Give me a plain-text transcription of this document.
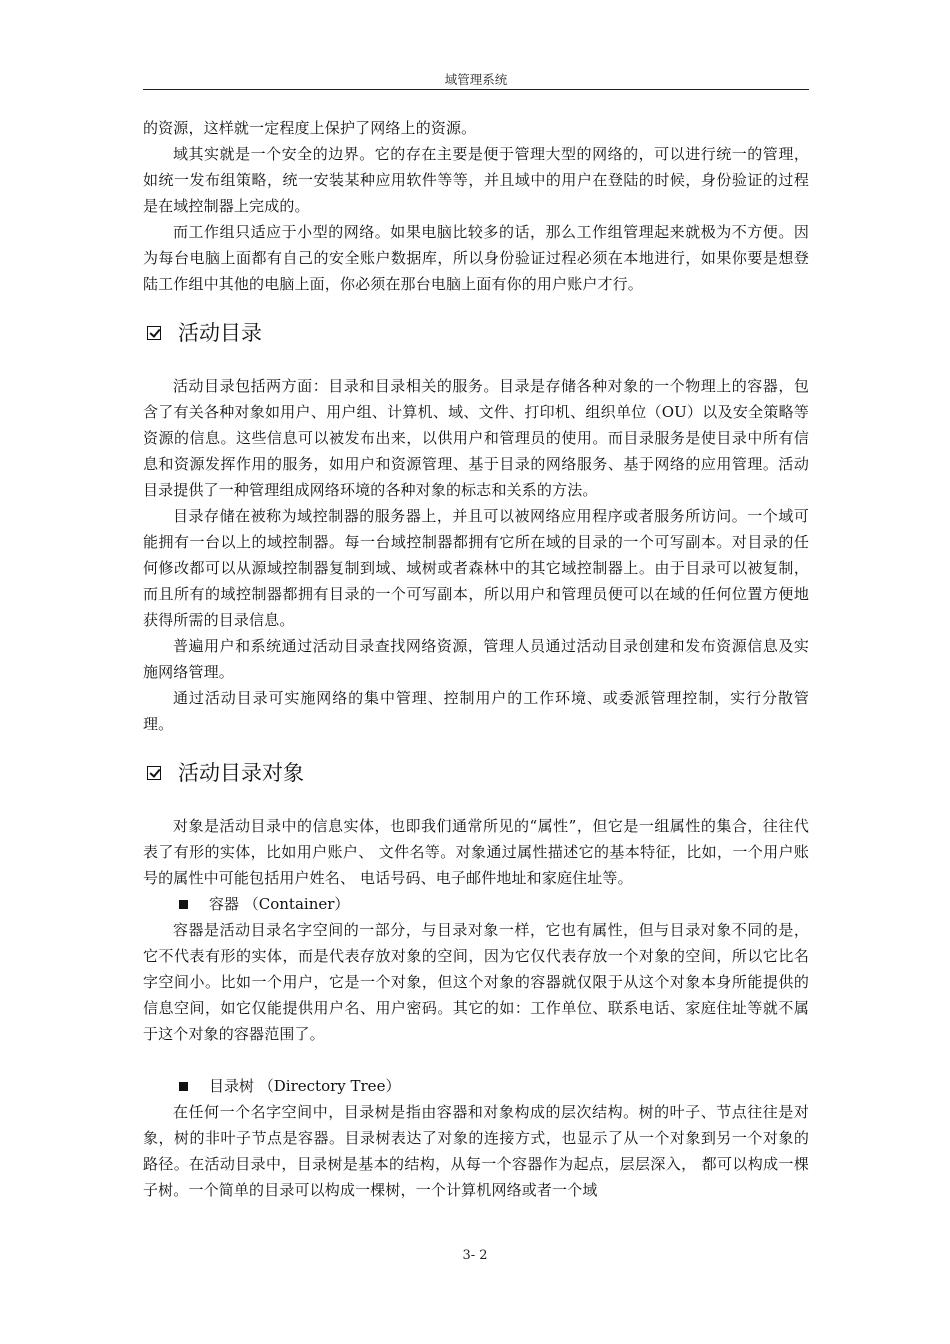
域管理系统

的资源，这样就一定程度上保护了网络上的资源。

域其实就是一个安全的边界。它的存在主要是便于管理大型的网络的，可以进行统一的管理，如统一发布组策略，统一安装某种应用软件等等，并且域中的用户在登陆的时候，身份验证的过程是在域控制器上完成的。

而工作组只适应于小型的网络。如果电脑比较多的话，那么工作组管理起来就极为不方便。因为每台电脑上面都有自己的安全账户数据库，所以身份验证过程必须在本地进行，如果你要是想登陆工作组中其他的电脑上面，你必须在那台电脑上面有你的用户账户才行。

活动目录

活动目录包括两方面：目录和目录相关的服务。目录是存储各种对象的一个物理上的容器，包含了有关各种对象如用户、用户组、计算机、域、文件、打印机、组织单位（OU）以及安全策略等资源的信息。这些信息可以被发布出来，以供用户和管理员的使用。而目录服务是使目录中所有信息和资源发挥作用的服务，如用户和资源管理、基于目录的网络服务、基于网络的应用管理。活动目录提供了一种管理组成网络环境的各种对象的标志和关系的方法。

目录存储在被称为域控制器的服务器上，并且可以被网络应用程序或者服务所访问。一个域可能拥有一台以上的域控制器。每一台域控制器都拥有它所在域的目录的一个可写副本。对目录的任何修改都可以从源域控制器复制到域、域树或者森林中的其它域控制器上。由于目录可以被复制，而且所有的域控制器都拥有目录的一个可写副本，所以用户和管理员便可以在域的任何位置方便地获得所需的目录信息。

普遍用户和系统通过活动目录查找网络资源，管理人员通过活动目录创建和发布资源信息及实施网络管理。

通过活动目录可实施网络的集中管理、控制用户的工作环境、或委派管理控制，实行分散管理。

活动目录对象

对象是活动目录中的信息实体，也即我们通常所见的“属性”，但它是一组属性的集合，往往代表了有形的实体，比如用户账户、 文件名等。对象通过属性描述它的基本特征，比如，一个用户账号的属性中可能包括用户姓名、 电话号码、电子邮件地址和家庭住址等。

容器 （Container）

容器是活动目录名字空间的一部分，与目录对象一样，它也有属性，但与目录对象不同的是，它不代表有形的实体，而是代表存放对象的空间，因为它仅代表存放一个对象的空间，所以它比名字空间小。比如一个用户，它是一个对象，但这个对象的容器就仅限于从这个对象本身所能提供的信息空间，如它仅能提供用户名、用户密码。其它的如：工作单位、联系电话、家庭住址等就不属于这个对象的容器范围了。

目录树 （Directory Tree）

在任何一个名字空间中，目录树是指由容器和对象构成的层次结构。树的叶子、节点往往是对象，树的非叶子节点是容器。目录树表达了对象的连接方式，也显示了从一个对象到另一个对象的路径。在活动目录中，目录树是基本的结构，从每一个容器作为起点，层层深入， 都可以构成一棵子树。一个简单的目录可以构成一棵树，一个计算机网络或者一个域

3- 2
